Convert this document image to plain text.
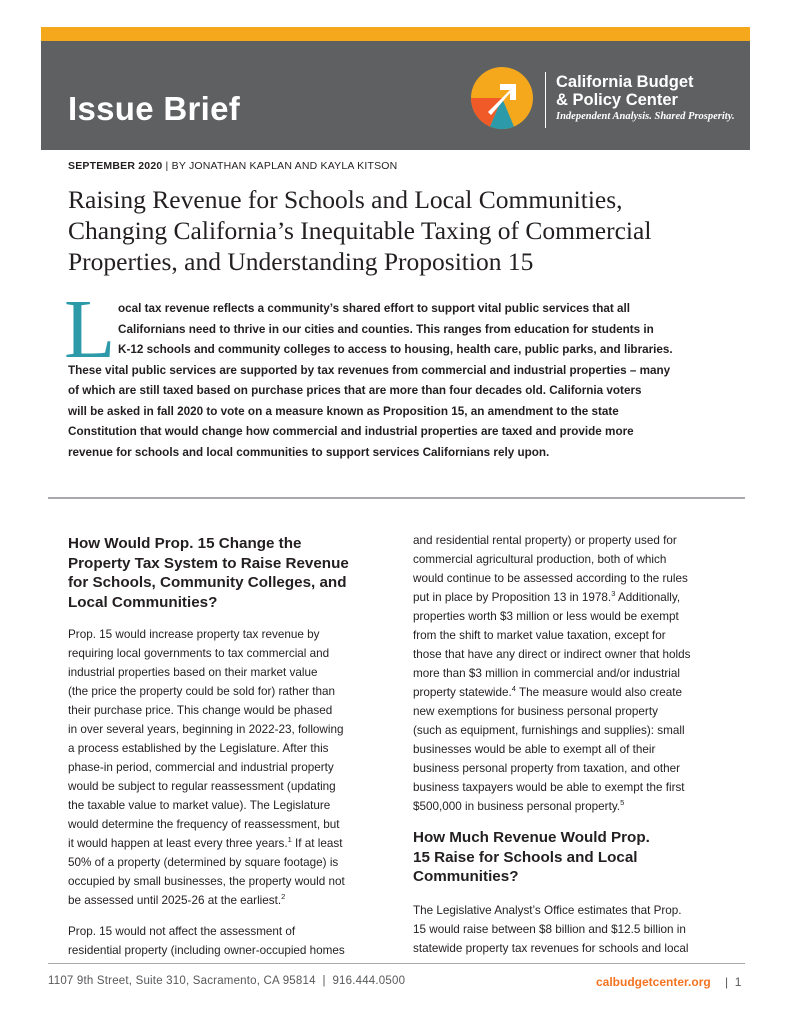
Issue Brief
California Budget
& Policy Center
Independent Analysis. Shared Prosperity.
SEPTEMBER 2020 | BY JONATHAN KAPLAN AND KAYLA KITSON
Raising Revenue for Schools and Local Communities,
Changing California’s Inequitable Taxing of Commercial
Properties, and Understanding Proposition 15
L ocal tax revenue reflects a community’s shared effort to support vital public services that all
Californians need to thrive in our cities and counties. This ranges from education for students in
K-12 schools and community colleges to access to housing, health care, public parks, and libraries.
These vital public services are supported by tax revenues from commercial and industrial properties – many
of which are still taxed based on purchase prices that are more than four decades old. California voters
will be asked in fall 2020 to vote on a measure known as Proposition 15, an amendment to the state
Constitution that would change how commercial and industrial properties are taxed and provide more
revenue for schools and local communities to support services Californians rely upon.

How Would Prop. 15 Change the
Property Tax System to Raise Revenue
for Schools, Community Colleges, and
Local Communities?

Prop. 15 would increase property tax revenue by
requiring local governments to tax commercial and
industrial properties based on their market value
(the price the property could be sold for) rather than
their purchase price. This change would be phased
in over several years, beginning in 2022-23, following
a process established by the Legislature. After this
phase-in period, commercial and industrial property
would be subject to regular reassessment (updating
the taxable value to market value). The Legislature
would determine the frequency of reassessment, but
it would happen at least every three years.$^1$ If at least
50% of a property (determined by square footage) is
occupied by small businesses, the property would not
be assessed until 2025-26 at the earliest.$^2$

Prop. 15 would not affect the assessment of
residential property (including owner-occupied homes

and residential rental property) or property used for
commercial agricultural production, both of which
would continue to be assessed according to the rules
put in place by Proposition 13 in 1978.$^3$ Additionally,
properties worth $3 million or less would be exempt
from the shift to market value taxation, except for
those that have any direct or indirect owner that holds
more than $3 million in commercial and/or industrial
property statewide.$^4$ The measure would also create
new exemptions for business personal property
(such as equipment, furnishings and supplies): small
businesses would be able to exempt all of their
business personal property from taxation, and other
business taxpayers would be able to exempt the first
$500,000 in business personal property.$^5$

How Much Revenue Would Prop.
15 Raise for Schools and Local
Communities?

The Legislative Analyst’s Office estimates that Prop.
15 would raise between $8 billion and $12.5 billion in
statewide property tax revenues for schools and local

1107 9th Street, Suite 310, Sacramento, CA 95814  |  916.444.0500	calbudgetcenter.org |  1
